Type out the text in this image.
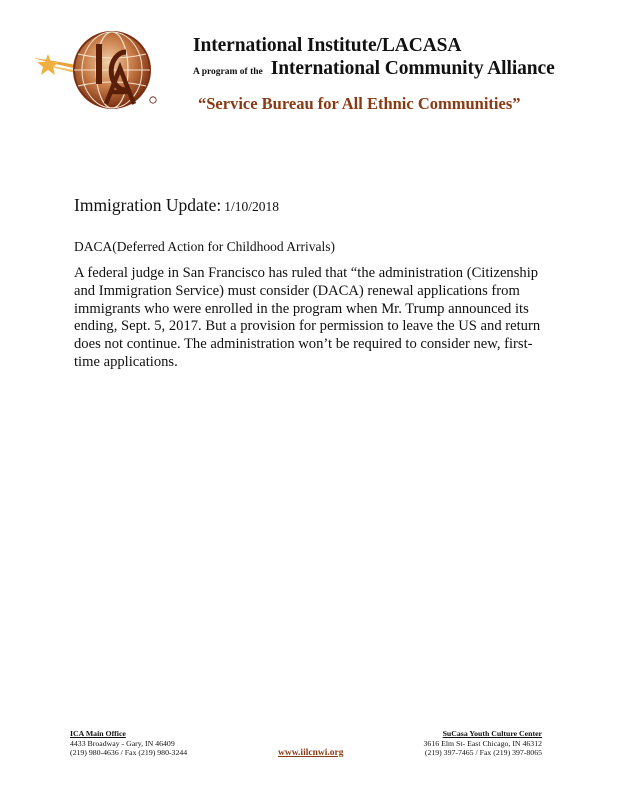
International Institute/LACASA
A program of the International Community Alliance
“Service Bureau for All Ethnic Communities”
Immigration Update: 1/10/2018
DACA(Deferred Action for Childhood Arrivals)
A federal judge in San Francisco has ruled that “the administration (Citizenship
and Immigration Service) must consider (DACA) renewal applications from
immigrants who were enrolled in the program when Mr. Trump announced its
ending, Sept. 5, 2017. But a provision for permission to leave the US and return
does not continue. The administration won’t be required to consider new, first-
time applications.
ICA Main Office
4433 Broadway - Gary, IN 46409
(219) 980-4636 / Fax (219) 980-3244	www.iilcnwi.org
SuCasa Youth Culture Center
3616 Elm St- East Chicago, IN 46312
(219) 397-7465 / Fax (219) 397-8065
